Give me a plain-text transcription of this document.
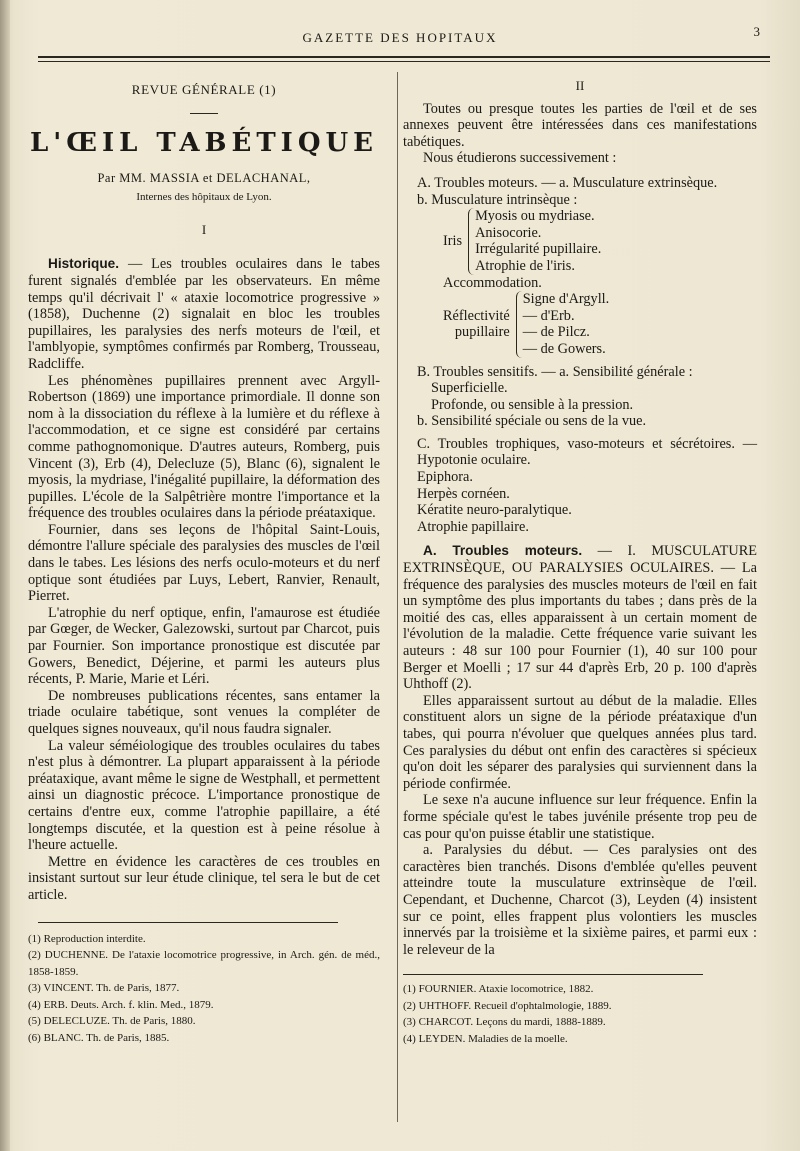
GAZETTE DES HOPITAUX	3
REVUE GÉNÉRALE (1)
L'ŒIL TABÉTIQUE
Par MM. MASSIA et DELACHANAL,
Internes des hôpitaux de Lyon.
I

Historique. — Les troubles oculaires dans le tabes furent signalés d'emblée par les observateurs. En même temps qu'il décrivait l' « ataxie locomotrice progressive » (1858), Duchenne (2) signalait en bloc les troubles pupillaires, les paralysies des nerfs moteurs de l'œil, et l'amblyopie, symptômes confirmés par Romberg, Trousseau, Radcliffe.

Les phénomènes pupillaires prennent avec Argyll-Robertson (1869) une importance primordiale. Il donne son nom à la dissociation du réflexe à la lumière et du réflexe à l'accommodation, et ce signe est considéré par certains comme pathognomonique. D'autres auteurs, Romberg, puis Vincent (3), Erb (4), Delecluze (5), Blanc (6), signalent le myosis, la mydriase, l'inégalité pupillaire, la déformation des pupilles. L'école de la Salpêtrière montre l'importance et la fréquence des troubles oculaires dans la période préataxique.

Fournier, dans ses leçons de l'hôpital Saint-Louis, démontre l'allure spéciale des paralysies des muscles de l'œil dans le tabes. Les lésions des nerfs oculo-moteurs et du nerf optique sont étudiées par Luys, Lebert, Ranvier, Renault, Pierret.

L'atrophie du nerf optique, enfin, l'amaurose est étudiée par Gœger, de Wecker, Galezowski, surtout par Charcot, puis par Fournier. Son importance pronostique est discutée par Gowers, Benedict, Déjerine, et parmi les auteurs plus récents, P. Marie, Marie et Léri.

De nombreuses publications récentes, sans entamer la triade oculaire tabétique, sont venues la compléter de quelques signes nouveaux, qu'il nous faudra signaler.

La valeur séméiologique des troubles oculaires du tabes n'est plus à démontrer. La plupart apparaissent à la période préataxique, avant même le signe de Westphall, et permettent ainsi un diagnostic précoce. L'importance pronostique de certains d'entre eux, comme l'atrophie papillaire, a été longtemps discutée, et la question est à peine résolue à l'heure actuelle.

Mettre en évidence les caractères de ces troubles en insistant surtout sur leur étude clinique, tel sera le but de cet article.

(1) Reproduction interdite.
(2) DUCHENNE. De l'ataxie locomotrice progressive, in Arch. gén. de méd., 1858-1859.
(3) VINCENT. Th. de Paris, 1877.
(4) ERB. Deuts. Arch. f. klin. Med., 1879.
(5) DELECLUZE. Th. de Paris, 1880.
(6) BLANC. Th. de Paris, 1885.
II

Toutes ou presque toutes les parties de l'œil et de ses annexes peuvent être intéressées dans ces manifestations tabétiques.

Nous étudierons successivement :

A. Troubles moteurs. — a. Musculature extrinsèque.
b. Musculature intrinsèque :
Iris
Myosis ou mydriase.
Anisocorie.
Irrégularité pupillaire.
Atrophie de l'iris.
Accommodation.
Réflectivité
pupillaire
Signe d'Argyll.
— d'Erb.
— de Pilcz.
— de Gowers.
B. Troubles sensitifs. — a. Sensibilité générale :
Superficielle.
Profonde, ou sensible à la pression.
b. Sensibilité spéciale ou sens de la vue.
C. Troubles trophiques, vaso-moteurs et sécrétoires. — Hypotonie oculaire.
Epiphora.
Herpès cornéen.
Kératite neuro-paralytique.
Atrophie papillaire.

A. Troubles moteurs. — I. MUSCULATURE EXTRINSÈQUE, OU PARALYSIES OCULAIRES. — La fréquence des paralysies des muscles moteurs de l'œil en fait un symptôme des plus importants du tabes ; dans près de la moitié des cas, elles apparaissent à un certain moment de l'évolution de la maladie. Cette fréquence varie suivant les auteurs : 48 sur 100 pour Fournier (1), 40 sur 100 pour Berger et Moelli ; 17 sur 44 d'après Erb, 20 p. 100 d'après Uhthoff (2).

Elles apparaissent surtout au début de la maladie. Elles constituent alors un signe de la période préataxique d'un tabes, qui pourra n'évoluer que quelques années plus tard. Ces paralysies du début ont enfin des caractères si spécieux qu'on doit les séparer des paralysies qui surviennent dans la période confirmée.

Le sexe n'a aucune influence sur leur fréquence. Enfin la forme spéciale qu'est le tabes juvénile présente trop peu de cas pour qu'on puisse établir une statistique.

a. Paralysies du début. — Ces paralysies ont des caractères bien tranchés. Disons d'emblée qu'elles peuvent atteindre toute la musculature extrinsèque de l'œil. Cependant, et Duchenne, Charcot (3), Leyden (4) insistent sur ce point, elles frappent plus volontiers les muscles innervés par la troisième et la sixième paires, et parmi eux : le releveur de la

(1) FOURNIER. Ataxie locomotrice, 1882.
(2) UHTHOFF. Recueil d'ophtalmologie, 1889.
(3) CHARCOT. Leçons du mardi, 1888-1889.
(4) LEYDEN. Maladies de la moelle.
